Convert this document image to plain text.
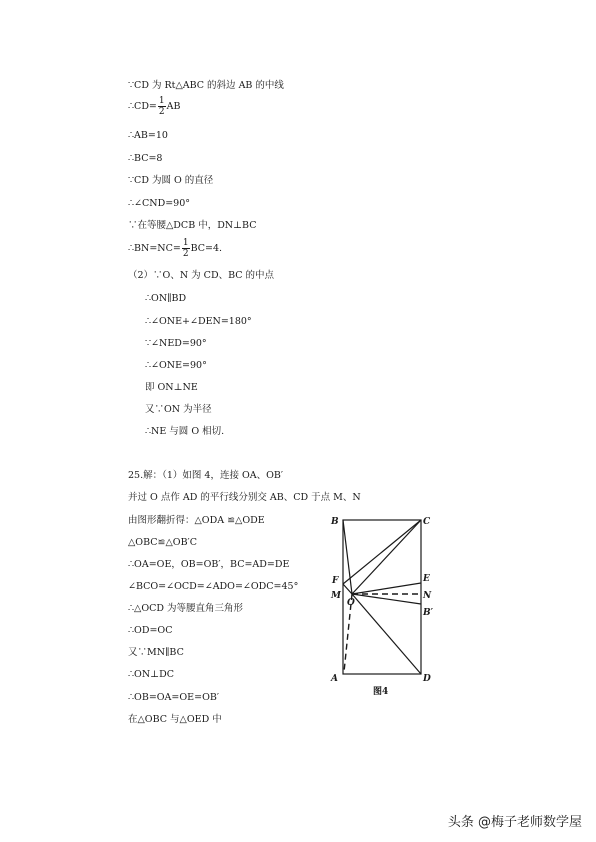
∵CD 为 Rt△ABC 的斜边 AB 的中线
∴CD= $\frac{1}{2}$ AB
∴AB=10
∴BC=8
∵CD 为圆 O 的直径
∴∠CND=90°
∵在等腰△DCB 中，DN⊥BC
∴BN=NC= $\frac{1}{2} BC=4$.
（2）∵O、N 为 CD、BC 的中点
∴ON∥BD
∴∠ONE+∠DEN=180°
∵∠NED=90°
∴∠ONE=90°
即 ON⊥NE
又∵ON 为半径
∴NE 与圆 O 相切.
25.解：（1）如图 4，连接 OA、OB′
并过 O 点作 AD 的平行线分别交 AB、CD 于点 M、N
由图形翻折得：△ODA ≌△ODE
△OBC≌△OB′C
∴OA=OE，OB=OB′，BC=AD=DE
∠BCO=∠OCD=∠ADO=∠ODC=45°
∴△OCD 为等腰直角三角形
∴OD=OC
又∵MN∥BC
∴ON⊥DC
∴OB=OA=OE=OB′
在△OBC 与△OED 中
B	C
F	E
M
O
N
B′
A	D
图4
头条 @梅子老师数学屋
